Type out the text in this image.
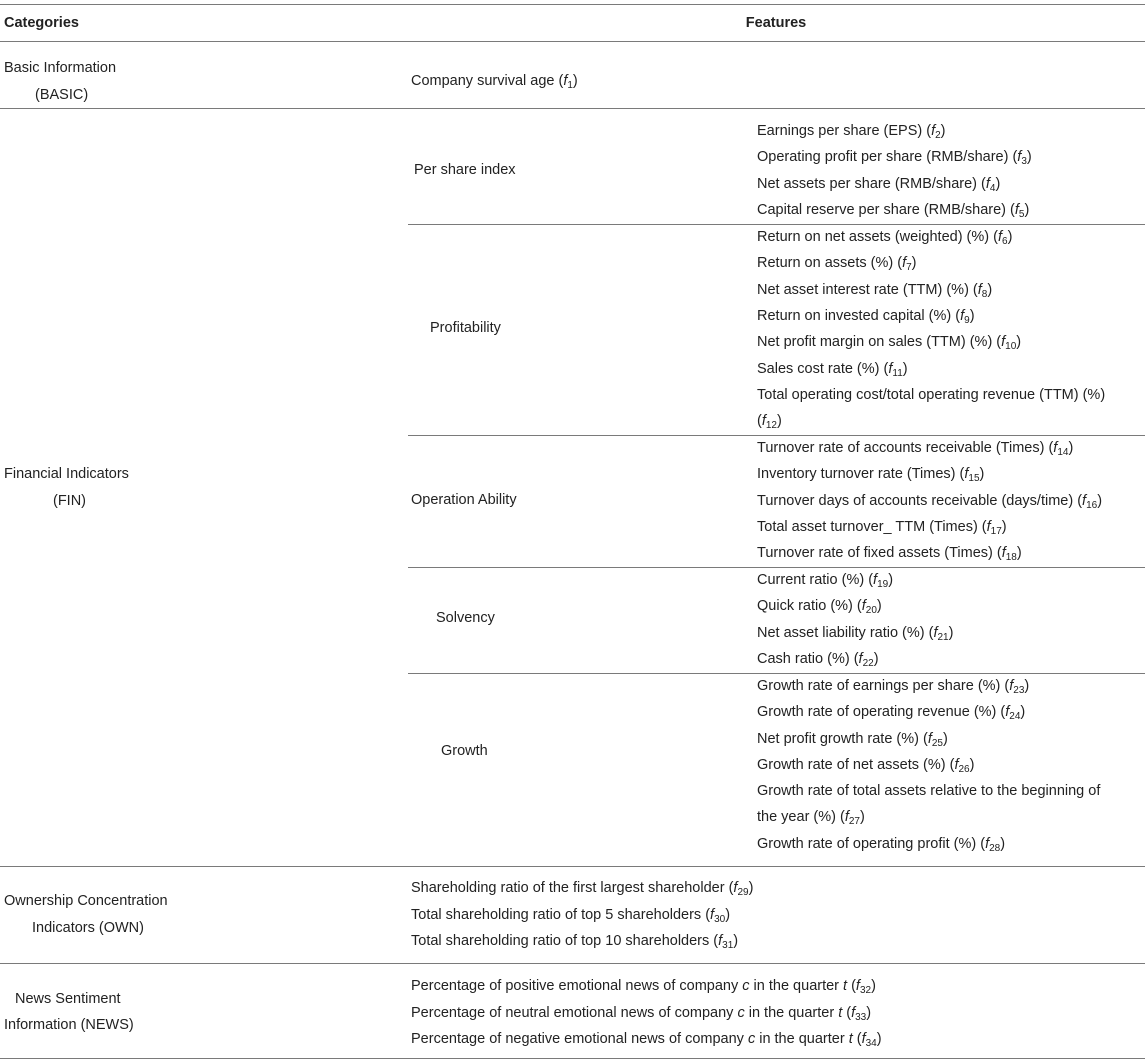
Categories	Features
Basic Information
(BASIC)
Financial Indicators
(FIN)
Ownership Concentration
Indicators (OWN)
News Sentiment
Information (NEWS)
Per share index
Profitability
Operation Ability
Solvency
Growth
Company survival age $(f_1)$
Earnings per share (EPS) $(f_2)$
Operating profit per share (RMB/share) $(f_3)$
Net assets per share (RMB/share) $(f_4)$
Capital reserve per share (RMB/share) $(f_5)$
Return on net assets (weighted) (%) $(f_6)$
Return on assets (%) $(f_7)$
Net asset interest rate (TTM) (%) $(f_8)$
Return on invested capital (%) $(f_9)$
Net profit margin on sales (TTM) (%) $(f_{10})$
Sales cost rate (%) $(f_{11})$
Total operating cost/total operating revenue (TTM) (%)
$(f_{12})$
Turnover rate of accounts receivable (Times) $(f_{14})$
Inventory turnover rate (Times) $(f_{15})$
Turnover days of accounts receivable (days/time) $(f_{16})$
Total asset turnover_ TTM (Times) $(f_{17})$
Turnover rate of fixed assets (Times) $(f_{18})$
Current ratio (%) $(f_{19})$
Quick ratio (%) $(f_{20})$
Net asset liability ratio (%) $(f_{21})$
Cash ratio (%) $(f_{22})$
Growth rate of earnings per share (%) $(f_{23})$
Growth rate of operating revenue (%) $(f_{24})$
Net profit growth rate (%) $(f_{25})$
Growth rate of net assets (%) $(f_{26})$
Growth rate of total assets relative to the beginning of
the year (%) $(f_{27})$
Growth rate of operating profit (%) $(f_{28})$
Shareholding ratio of the first largest shareholder $(f_{29})$
Total shareholding ratio of top 5 shareholders $(f_{30})$
Total shareholding ratio of top 10 shareholders $(f_{31})$
Percentage of positive emotional news of company c in the quarter t $(f_{32})$
Percentage of neutral emotional news of company c in the quarter t $(f_{33})$
Percentage of negative emotional news of company c in the quarter t $(f_{34})$
